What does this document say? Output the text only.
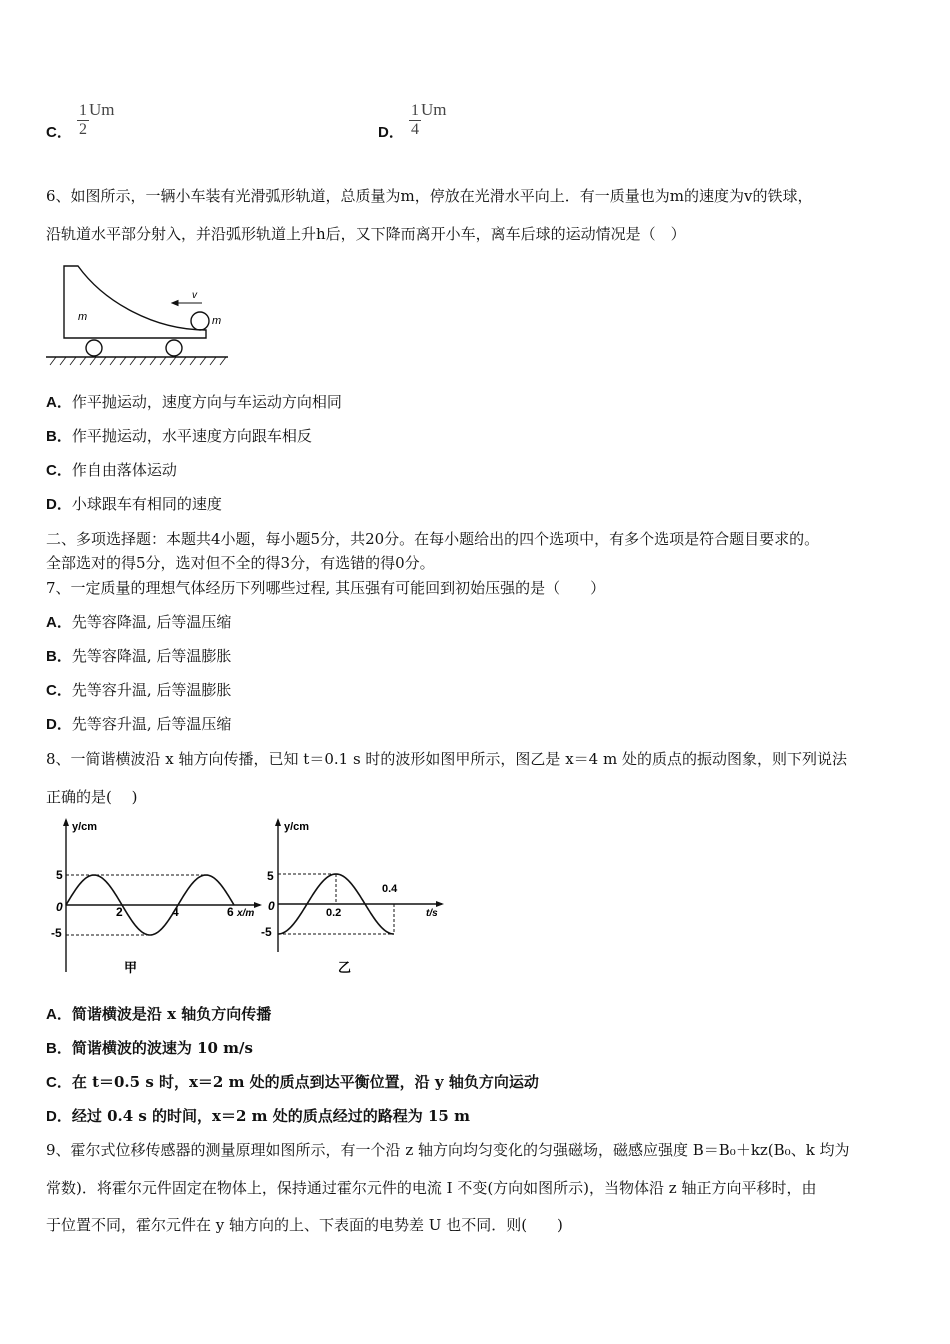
C． $\frac{1}{2}$ Um
D． $\frac{1}{4}$ Um
6、如图所示，一辆小车装有光滑弧形轨道，总质量为m，停放在光滑水平向上．有一质量也为m的速度为v的铁球，
沿轨道水平部分射入，并沿弧形轨道上升h后，又下降而离开小车，离车后球的运动情况是（　）
m	m
v
A．作平抛运动，速度方向与车运动方向相同
B．作平抛运动，水平速度方向跟车相反
C．作自由落体运动
D．小球跟车有相同的速度
二、多项选择题：本题共4小题，每小题5分，共20分。在每小题给出的四个选项中，有多个选项是符合题目要求的。
全部选对的得5分，选对但不全的得3分，有选错的得0分。
7、一定质量的理想气体经历下列哪些过程, 其压强有可能回到初始压强的是（　　）
A．先等容降温, 后等温压缩
B．先等容降温, 后等温膨胀
C．先等容升温, 后等温膨胀
D．先等容升温, 后等温压缩
8、一简谐横波沿 x 轴方向传播，已知 t＝0.1 s 时的波形如图甲所示，图乙是 x＝4 m 处的质点的振动图象，则下列说法
正确的是(　 )
y/cm
x/m
5
-5
0	2	4	6
甲
y/cm
t/s
5
-5
0	0.2
0.4
乙
A．简谐横波是沿 x 轴负方向传播
B．简谐横波的波速为 10 m/s
C．在 t＝0.5 s 时，x＝2 m 处的质点到达平衡位置，沿 y 轴负方向运动
D．经过 0.4 s 的时间，x＝2 m 处的质点经过的路程为 15 m
9、霍尔式位移传感器的测量原理如图所示，有一个沿 z 轴方向均匀变化的匀强磁场，磁感应强度 B＝B₀＋kz(B₀、k 均为
常数)．将霍尔元件固定在物体上，保持通过霍尔元件的电流 I 不变(方向如图所示)，当物体沿 z 轴正方向平移时，由
于位置不同，霍尔元件在 y 轴方向的上、下表面的电势差 U 也不同．则(　　)
